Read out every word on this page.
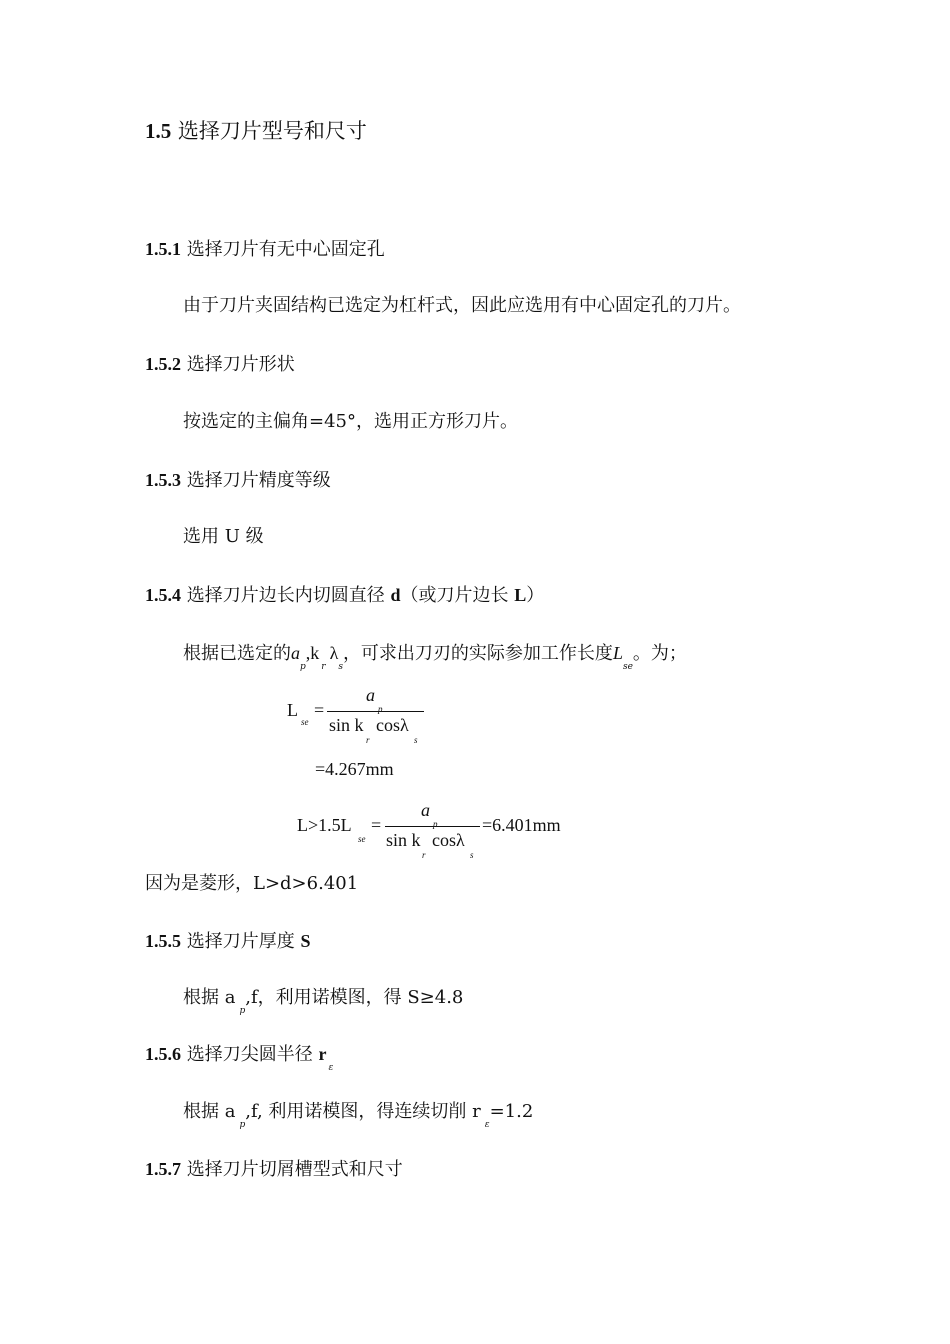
1.5 选择刀片型号和尺寸
1.5.1 选择刀片有无中心固定孔
由于刀片夹固结构已选定为杠杆式，因此应选用有中心固定孔的刀片。
1.5.2 选择刀片形状
按选定的主偏角=45°，选用正方形刀片。
1.5.3 选择刀片精度等级
选用 U 级
1.5.4 选择刀片边长内切圆直径 d（或刀片边长 L）
根据已选定的$a_p,k_r\lambda_s$，可求出刀刃的实际参加工作长度$L_{se}$。为；
L
se
=
a
p
sin k
r
cosλ
s
=4.267mm
L>1.5L
se
=
a
p
sin k
r
cosλ
s
=6.401mm
因为是菱形，L>d>6.401
1.5.5 选择刀片厚度 S
根据 $a_p,f$，利用诺模图，得 S≥4.8
1.5.6 选择刀尖圆半径 $r_\varepsilon$
根据 $a_p,f$, 利用诺模图，得连续切削 $r_\varepsilon=1.2$
1.5.7 选择刀片切屑槽型式和尺寸
